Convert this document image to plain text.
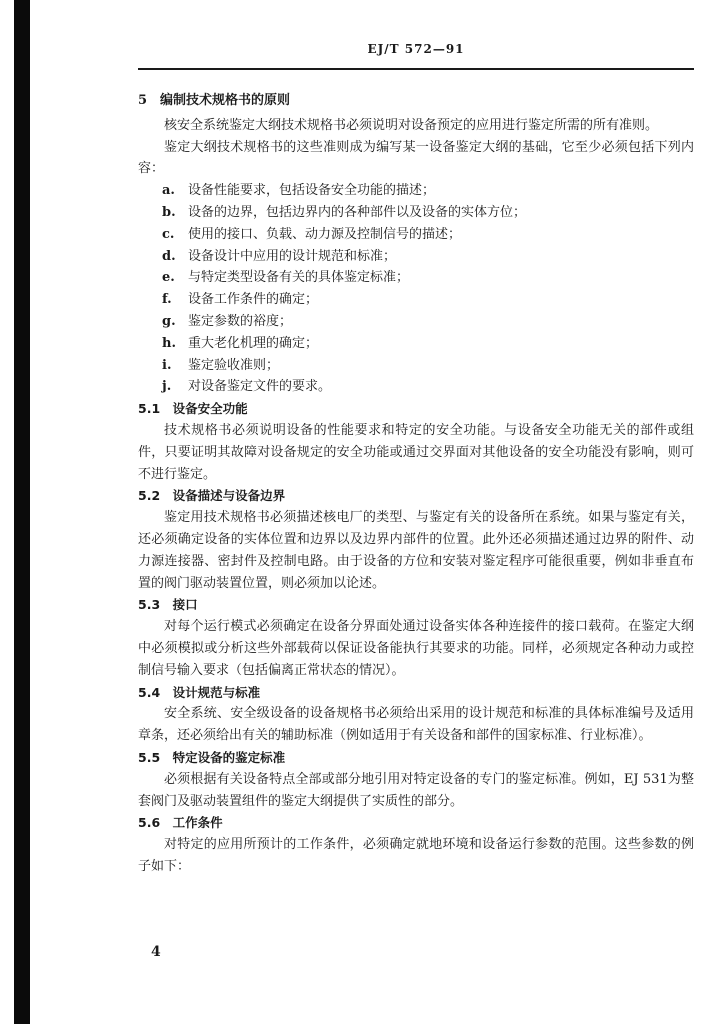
EJ/T 572—91

5　编制技术规格书的原则

核安全系统鉴定大纲技术规格书必须说明对设备预定的应用进行鉴定所需的所有准则。

鉴定大纲技术规格书的这些准则成为编写某一设备鉴定大纲的基础，它至少必须包括下列内容：

a. 设备性能要求，包括设备安全功能的描述；

b. 设备的边界，包括边界内的各种部件以及设备的实体方位；

c. 使用的接口、负载、动力源及控制信号的描述；

d. 设备设计中应用的设计规范和标准；

e. 与特定类型设备有关的具体鉴定标准；

f. 设备工作条件的确定；

g. 鉴定参数的裕度；

h. 重大老化机理的确定；

i. 鉴定验收准则；

j. 对设备鉴定文件的要求。

5.1　设备安全功能

技术规格书必须说明设备的性能要求和特定的安全功能。与设备安全功能无关的部件或组件，只要证明其故障对设备规定的安全功能或通过交界面对其他设备的安全功能没有影响，则可不进行鉴定。

5.2　设备描述与设备边界

鉴定用技术规格书必须描述核电厂的类型、与鉴定有关的设备所在系统。如果与鉴定有关，还必须确定设备的实体位置和边界以及边界内部件的位置。此外还必须描述通过边界的附件、动力源连接器、密封件及控制电路。由于设备的方位和安装对鉴定程序可能很重要，例如非垂直布置的阀门驱动装置位置，则必须加以论述。

5.3　接口

对每个运行模式必须确定在设备分界面处通过设备实体各种连接件的接口载荷。在鉴定大纲中必须模拟或分析这些外部载荷以保证设备能执行其要求的功能。同样，必须规定各种动力或控制信号输入要求（包括偏离正常状态的情况）。

5.4　设计规范与标准

安全系统、安全级设备的设备规格书必须给出采用的设计规范和标准的具体标准编号及适用章条，还必须给出有关的辅助标准（例如适用于有关设备和部件的国家标准、行业标准）。

5.5　特定设备的鉴定标准

必须根据有关设备特点全部或部分地引用对特定设备的专门的鉴定标准。例如，EJ 531为整套阀门及驱动装置组件的鉴定大纲提供了实质性的部分。

5.6　工作条件

对特定的应用所预计的工作条件，必须确定就地环境和设备运行参数的范围。这些参数的例子如下：

4
